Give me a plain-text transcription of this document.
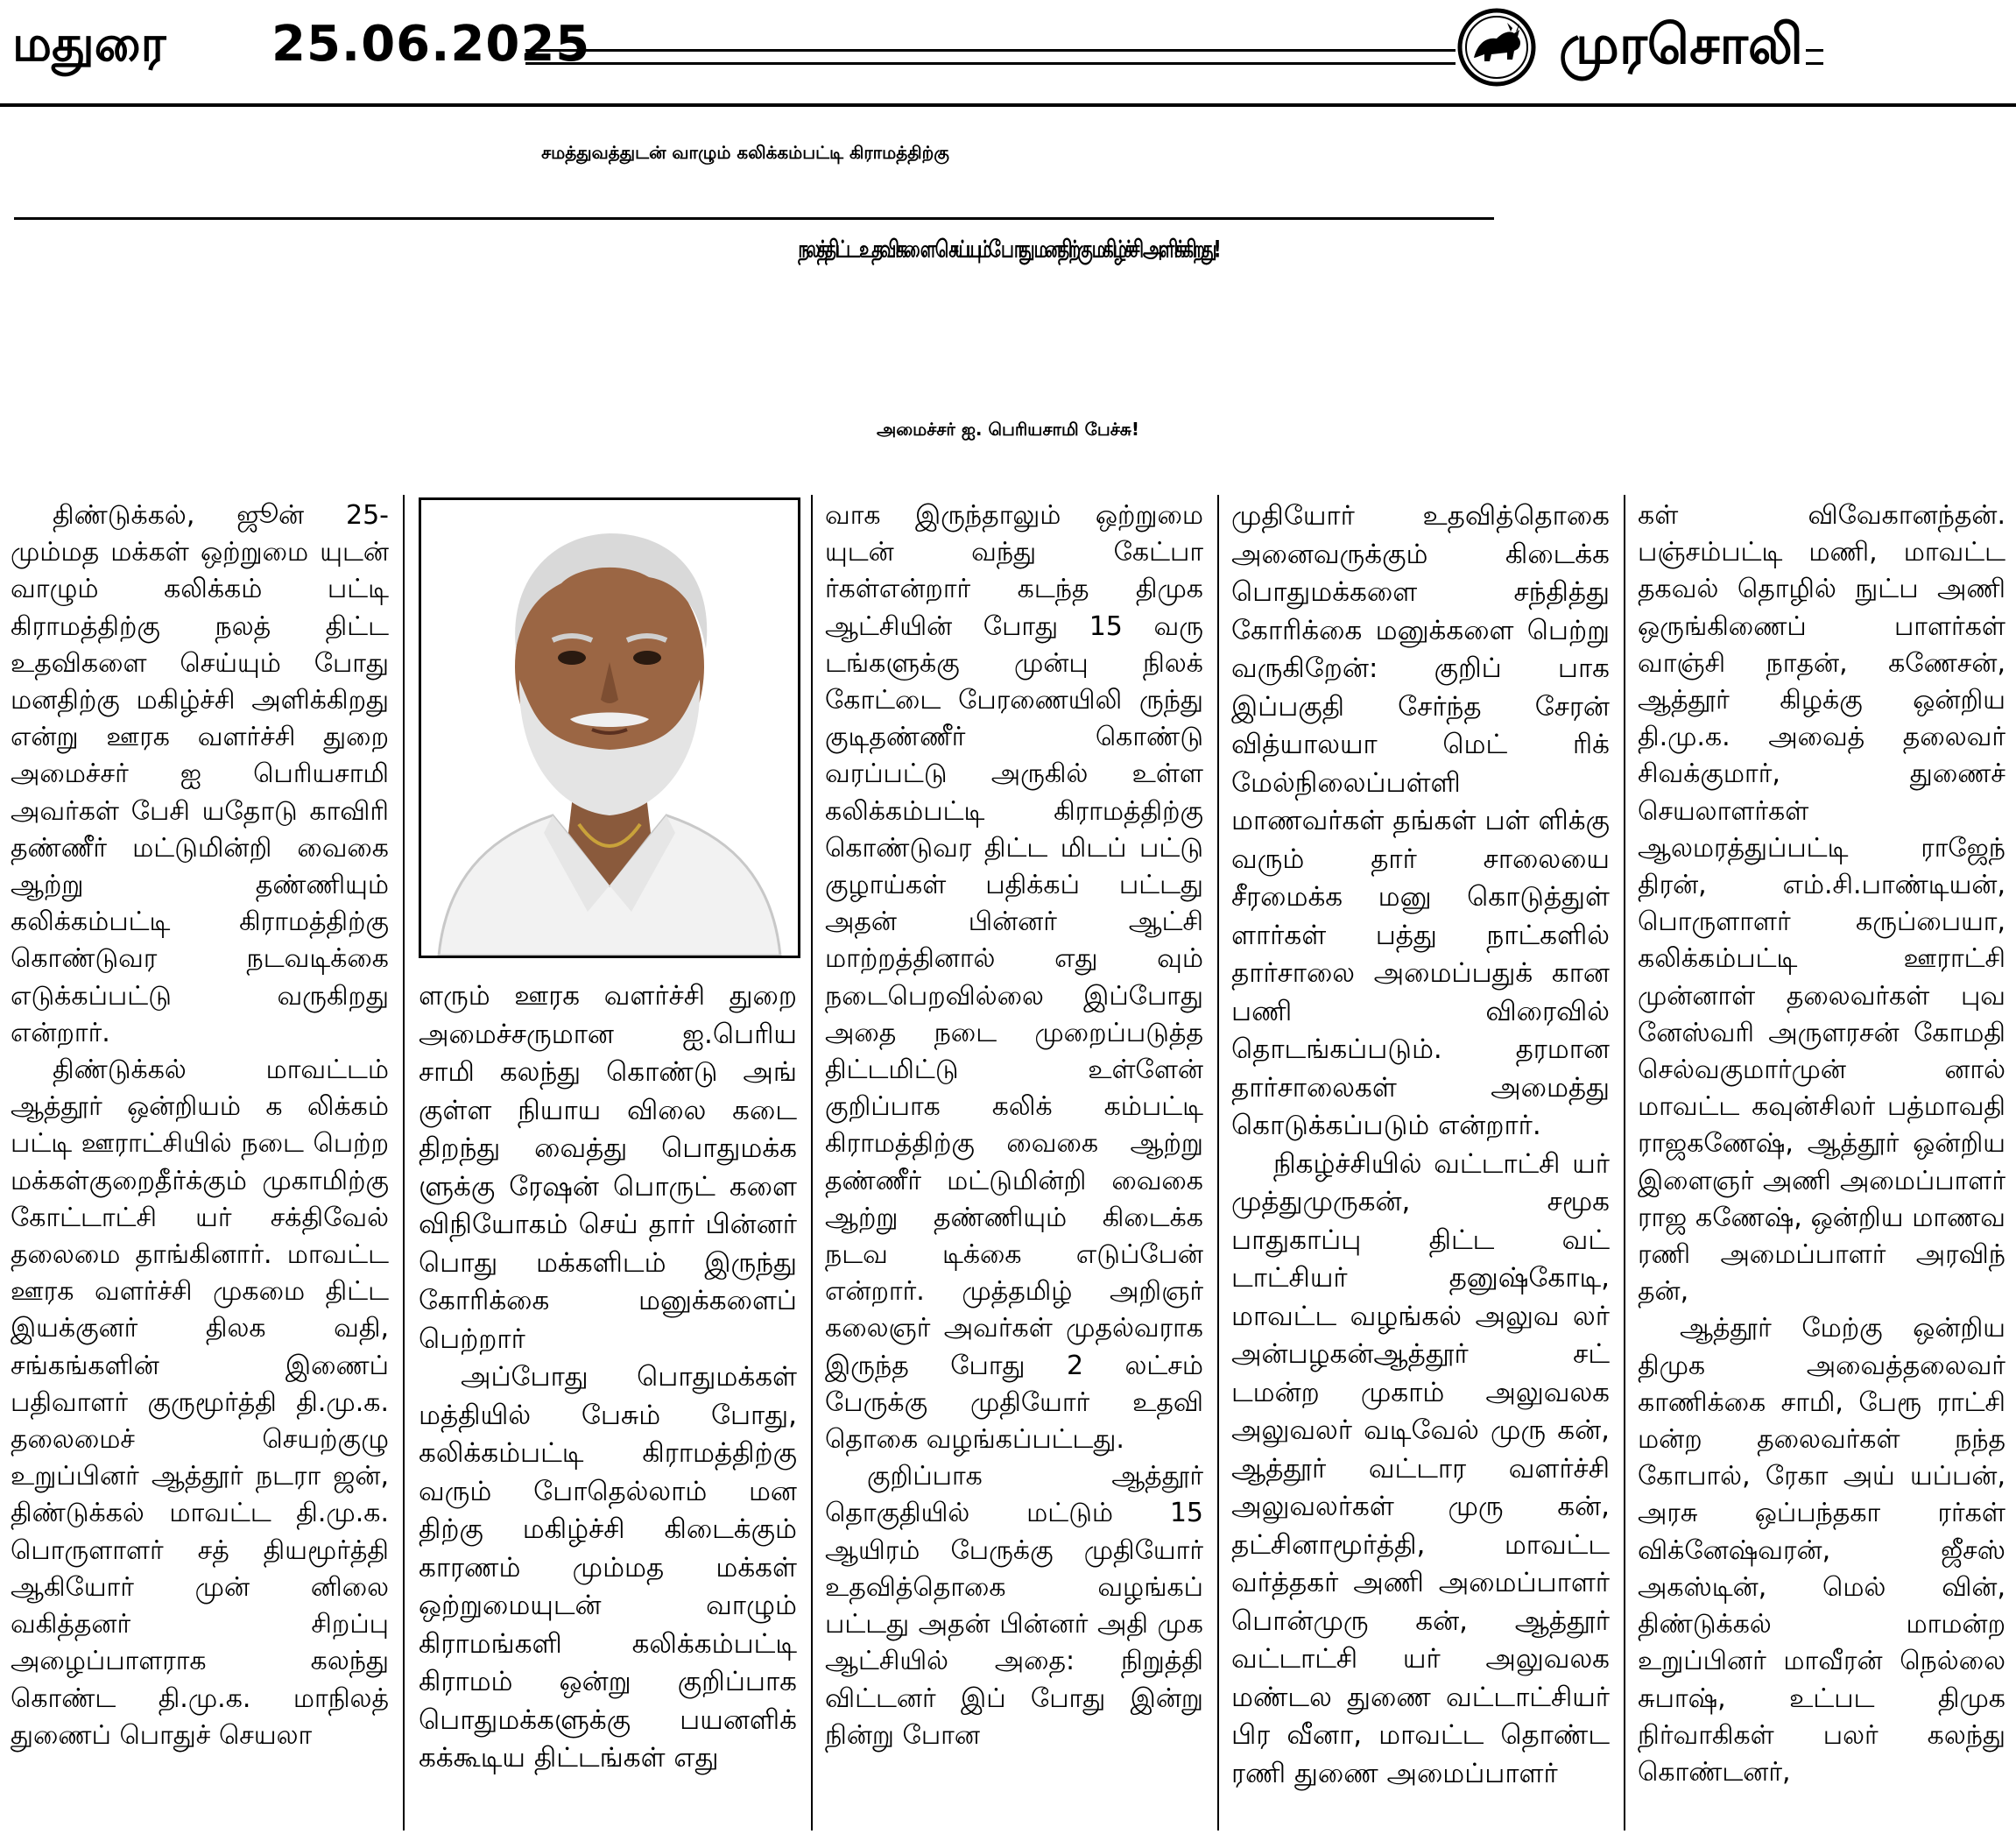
மதுரை 25.06.2025	முரசொலி
சமத்துவத்துடன் வாழும் கலிக்கம்பட்டி கிராமத்திற்கு
நலத்திட்ட உதவிகளை செய்யும்போது மனதிற்கு மகிழ்ச்சி அளிக்கிறது!
அமைச்சர் ஐ. பெரியசாமி பேச்சு!

திண்டுக்கல், ஜூன் 25- மும்மத மக்கள் ஒற்றுமை யுடன் வாழும் கலிக்கம் பட்டி கிராமத்திற்கு நலத் திட்ட உதவிகளை செய்யும் போது மனதிற்கு மகிழ்ச்சி அளிக்கிறது என்று ஊரக வளர்ச்சி துறை அமைச்சர் ஐ பெரியசாமி அவர்கள் பேசி யதோடு காவிரி தண்ணீர் மட்டுமின்றி வைகை ஆற்று தண்ணியும் கலிக்கம்பட்டி கிராமத்திற்கு கொண்டுவர நடவடிக்கை எடுக்கப்பட்டு வருகிறது என்றார்.

திண்டுக்கல் மாவட்டம் ஆத்தூர் ஒன்றியம் க லிக்கம் பட்டி ஊராட்சியில் நடை பெற்ற மக்கள்குறைதீர்க்கும் முகாமிற்கு கோட்டாட்சி யர் சக்திவேல் தலைமை தாங்கினார். மாவட்ட ஊரக வளர்ச்சி முகமை திட்ட இயக்குனர் திலக வதி, சங்கங்களின் இணைப் பதிவாளர் குருமூர்த்தி தி.மு.க. தலைமைச் செயற்குழு உறுப்பினர் ஆத்தூர் நடரா ஜன், திண்டுக்கல் மாவட்ட தி.மு.க. பொருளாளர் சத் தியமூர்த்தி ஆகியோர் முன் னிலை வகித்தனர் சிறப்பு அழைப்பாளராக கலந்து கொண்ட தி.மு.க. மாநிலத் துணைப் பொதுச் செயலா

ளரும் ஊரக வளர்ச்சி துறை அமைச்சருமான ஐ.பெரிய சாமி கலந்து கொண்டு அங் குள்ள நியாய விலை கடை திறந்து வைத்து பொதுமக்க ளுக்கு ரேஷன் பொருட் களை விநியோகம் செய் தார் பின்னர் பொது மக்களிடம் இருந்து கோரிக்கை மனுக்களைப் பெற்றார்

அப்போது பொதுமக்கள் மத்தியில் பேசும் போது, கலிக்கம்பட்டி கிராமத்திற்கு வரும் போதெல்லாம் மன திற்கு மகிழ்ச்சி கிடைக்கும் காரணம் மும்மத மக்கள் ஒற்றுமையுடன் வாழும் கிராமங்களி கலிக்கம்பட்டி கிராமம் ஒன்று குறிப்பாக பொதுமக்களுக்கு பயனளிக் கக்கூடிய திட்டங்கள் எது

வாக இருந்தாலும் ஒற்றுமை யுடன் வந்து கேட்பா ர்கள்என்றார் கடந்த திமுக ஆட்சியின் போது 15 வரு டங்களுக்கு முன்பு நிலக் கோட்டை பேரணையிலி ருந்து குடிதண்ணீர் கொண்டு வரப்பட்டு அருகில் உள்ள கலிக்கம்பட்டி கிராமத்திற்கு கொண்டுவர திட்ட மிடப் பட்டு குழாய்கள் பதிக்கப் பட்டது அதன் பின்னர் ஆட்சி மாற்றத்தினால் எது வும் நடைபெறவில்லை இப்போது அதை நடை முறைப்படுத்த திட்டமிட்டு உள்ளேன் குறிப்பாக கலிக் கம்பட்டி கிராமத்திற்கு வைகை ஆற்று தண்ணீர் மட்டுமின்றி வைகை ஆற்று தண்ணியும் கிடைக்க நடவ டிக்கை எடுப்பேன் என்றார். முத்தமிழ் அறிஞர் கலைஞர் அவர்கள் முதல்வராக இருந்த போது 2 லட்சம் பேருக்கு முதியோர் உதவி தொகை வழங்கப்பட்டது.

குறிப்பாக ஆத்தூர் தொகுதியில் மட்டும் 15 ஆயிரம் பேருக்கு முதியோர் உதவித்தொகை வழங்கப் பட்டது அதன் பின்னர் அதி முக ஆட்சியில் அதை: நிறுத்தி விட்டனர் இப் போது இன்று நின்று போன

முதியோர் உதவித்தொகை அனைவருக்கும் கிடைக்க பொதுமக்களை சந்தித்து கோரிக்கை மனுக்களை பெற்று வருகிறேன்: குறிப் பாக இப்பகுதி சேர்ந்த சேரன் வித்யாலயா மெட் ரிக் மேல்நிலைப்பள்ளி மாணவர்கள் தங்கள் பள் ளிக்கு வரும் தார் சாலையை சீரமைக்க மனு கொடுத்துள் ளார்கள் பத்து நாட்களில் தார்சாலை அமைப்பதுக் கான பணி விரைவில் தொடங்கப்படும். தரமான தார்சாலைகள் அமைத்து கொடுக்கப்படும் என்றார்.

நிகழ்ச்சியில் வட்டாட்சி யர் முத்துமுருகன், சமூக பாதுகாப்பு திட்ட வட் டாட்சியர் தனுஷ்கோடி, மாவட்ட வழங்கல் அலுவ லர் அன்பழகன்ஆத்தூர் சட் டமன்ற முகாம் அலுவலக அலுவலர் வடிவேல் முரு கன், ஆத்தூர் வட்டார வளர்ச்சி அலுவலர்கள் முரு கன், தட்சினாமூர்த்தி, மாவட்ட வர்த்தகர் அணி அமைப்பாளர் பொன்முரு கன், ஆத்தூர் வட்டாட்சி யர் அலுவலக மண்டல துணை வட்டாட்சியர் பிர வீனா, மாவட்ட தொண்ட ரணி துணை அமைப்பாளர்

கள் விவேகானந்தன். பஞ்சம்பட்டி மணி, மாவட்ட தகவல் தொழில் நுட்ப அணி ஒருங்கிணைப் பாளர்கள் வாஞ்சி நாதன், கணேசன், ஆத்தூர் கிழக்கு ஒன்றிய தி.மு.க. அவைத் தலைவர் சிவக்குமார், துணைச் செயலாளர்கள் ஆலமரத்துப்பட்டி ராஜேந் திரன், எம்.சி.பாண்டியன், பொருளாளர் கருப்பையா, கலிக்கம்பட்டி ஊராட்சி முன்னாள் தலைவர்கள் புவ னேஸ்வரி அருளரசன் கோமதி செல்வகுமார்முன் னால் மாவட்ட கவுன்சிலர் பத்மாவதி ராஜகணேஷ், ஆத்தூர் ஒன்றிய இளைஞர் அணி அமைப்பாளர் ராஜ கணேஷ், ஒன்றிய மாணவ ரணி அமைப்பாளர் அரவிந் தன்,

ஆத்தூர் மேற்கு ஒன்றிய திமுக அவைத்தலைவர் காணிக்கை சாமி, பேரூ ராட்சி மன்ற தலைவர்கள் நந்த கோபால், ரேகா அய் யப்பன், அரசு ஒப்பந்தகா ரர்கள் விக்னேஷ்வரன், ஜீசஸ் அகஸ்டின், மெல் வின், திண்டுக்கல் மாமன்ற உறுப்பினர் மாவீரன் நெல்லை சுபாஷ், உட்பட திமுக நிர்வாகிகள் பலர் கலந்து கொண்டனர்,
